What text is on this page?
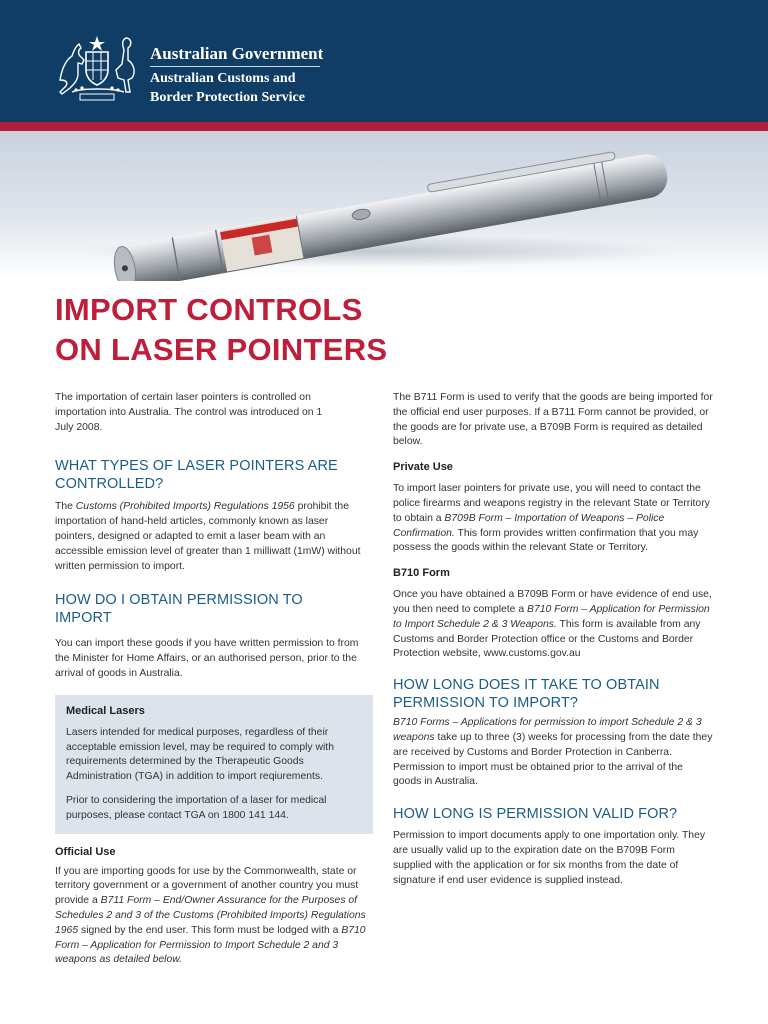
Australian Government
Australian Customs and
Border Protection Service
IMPORT CONTROLS
ON LASER POINTERS

The importation of certain laser pointers is controlled on importation into Australia. The control was introduced on 1 July 2008.

WHAT TYPES OF LASER POINTERS ARE CONTROLLED?

The Customs (Prohibited Imports) Regulations 1956 prohibit the importation of hand-held articles, commonly known as laser pointers, designed or adapted to emit a laser beam with an accessible emission level of greater than 1 milliwatt (1mW) without written permission to import.

HOW DO I OBTAIN PERMISSION TO IMPORT

You can import these goods if you have written permission to from the Minister for Home Affairs, or an authorised person, prior to the arrival of goods in Australia.

Medical Lasers

Lasers intended for medical purposes, regardless of their acceptable emission level, may be required to comply with requirements determined by the Therapeutic Goods Administration (TGA) in addition to import reqiurements.

Prior to considering the importation of a laser for medical purposes, please contact TGA on 1800 141 144.

Official Use

If you are importing goods for use by the Commonwealth, state or territory government or a government of another country you must provide a B711 Form – End/Owner Assurance for the Purposes of Schedules 2 and 3 of the Customs (Prohibited Imports) Regulations 1965 signed by the end user. This form must be lodged with a B710 Form – Application for Permission to Import Schedule 2 and 3 weapons as detailed below.

The B711 Form is used to verify that the goods are being imported for the official end user purposes. If a B711 Form cannot be provided, or the goods are for private use, a B709B Form is required as detailed below.

Private Use

To import laser pointers for private use, you will need to contact the police firearms and weapons registry in the relevant State or Territory to obtain a B709B Form – Importation of Weapons – Police Confirmation. This form provides written confirmation that you may possess the goods within the relevant State or Territory.

B710 Form

Once you have obtained a B709B Form or have evidence of end use, you then need to complete a B710 Form – Application for Permission to Import Schedule 2 & 3 Weapons. This form is available from any Customs and Border Protection office or the Customs and Border Protection website, www.customs.gov.au

HOW LONG DOES IT TAKE TO OBTAIN PERMISSION TO IMPORT?

B710 Forms – Applications for permission to import Schedule 2 & 3 weapons take up to three (3) weeks for processing from the date they are received by Customs and Border Protection in Canberra. Permission to import must be obtained prior to the arrival of the goods in Australia.

HOW LONG IS PERMISSION VALID FOR?

Permission to import documents apply to one importation only. They are usually valid up to the expiration date on the B709B Form supplied with the application or for six months from the date of signature if end user evidence is supplied instead.
